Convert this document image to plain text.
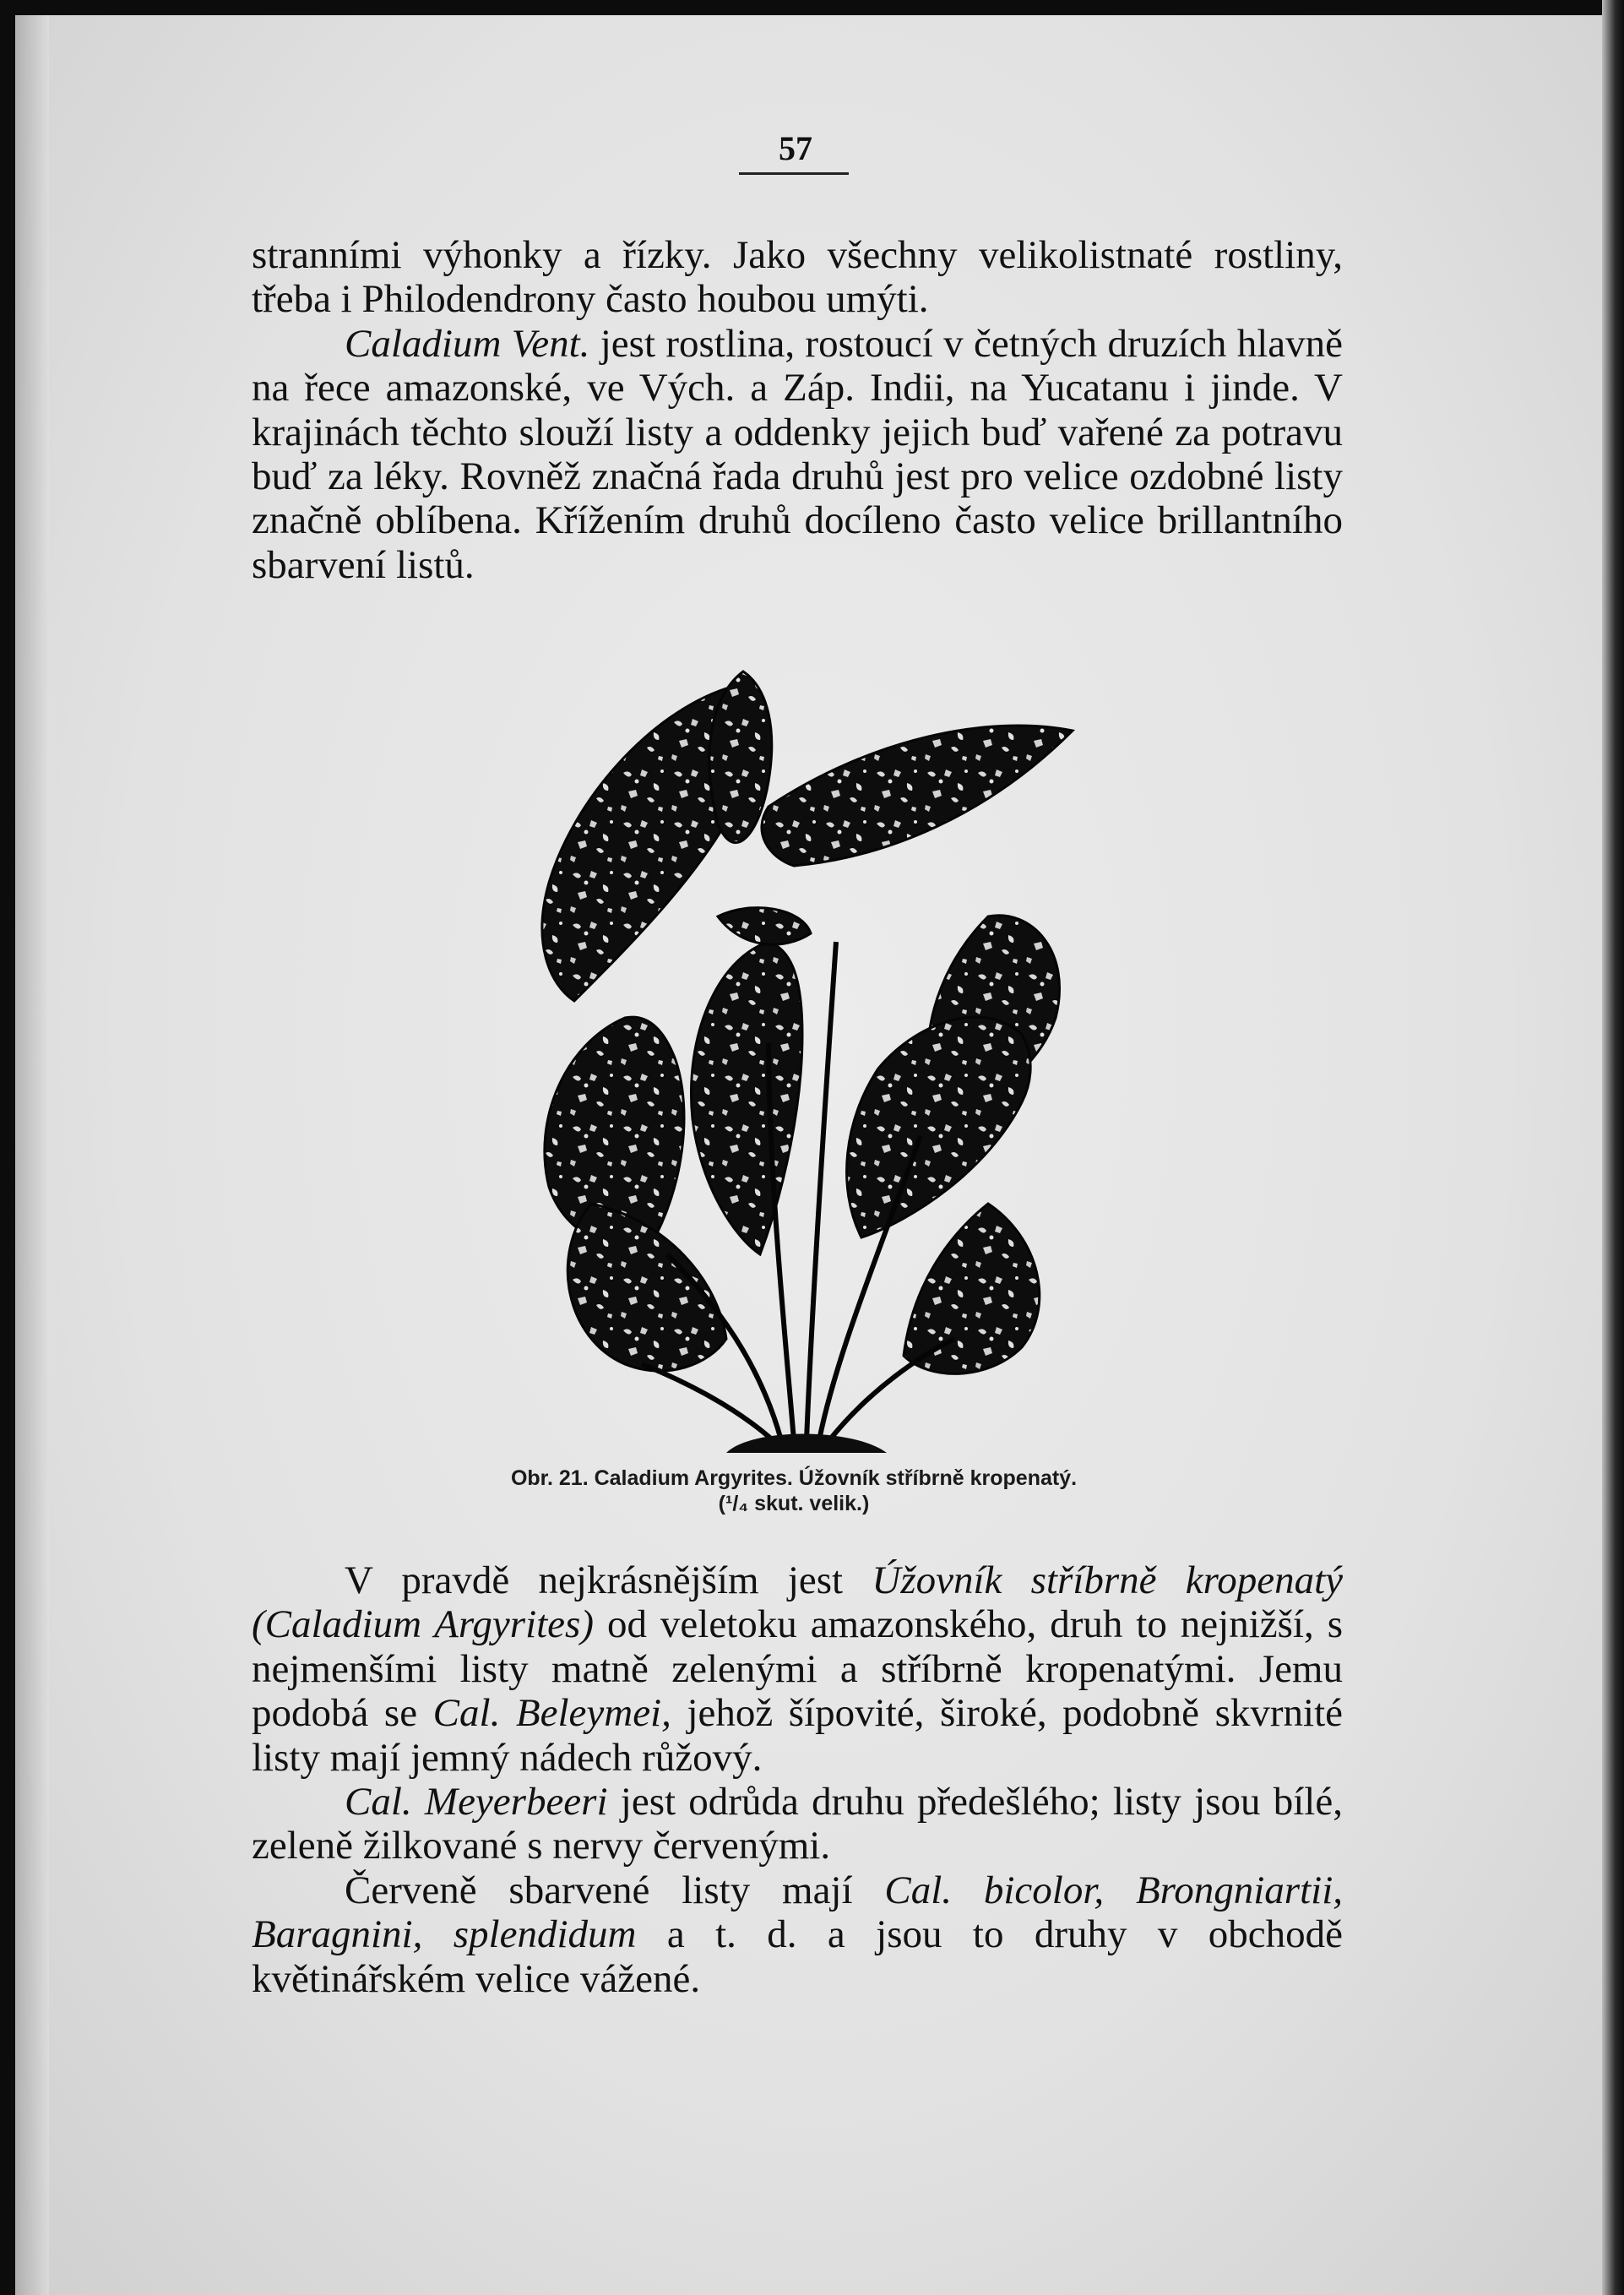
57

stranními výhonky a řízky. Jako všechny velikolistnaté rostliny, třeba i Philodendrony často houbou umýti.

Caladium Vent. jest rostlina, rostoucí v četných druzích hlavně na řece amazonské, ve Vých. a Záp. Indii, na Yucatanu i jinde. V krajinách těchto slouží listy a oddenky jejich buď vařené za potravu buď za léky. Rovněž značná řada druhů jest pro velice ozdobné listy značně oblíbena. Křížením druhů docíleno často velice brillantního sbarvení listů.

Obr. 21. Caladium Argyrites. Úžovník stříbrně kropenatý.
(¹/₄ skut. velik.)

V pravdě nejkrásnějším jest Úžovník stříbrně kropenatý (Caladium Argyrites) od veletoku amazonského, druh to nejnižší, s nejmenšími listy matně zelenými a stříbrně kropenatými. Jemu podobá se Cal. Beleymei, jehož šípovité, široké, podobně skvrnité listy mají jemný nádech růžový.

Cal. Meyerbeeri jest odrůda druhu předešlého; listy jsou bílé, zeleně žilkované s nervy červenými.

Červeně sbarvené listy mají Cal. bicolor, Brongniartii, Baragnini, splendidum a t. d. a jsou to druhy v obchodě květinářském velice vážené.
